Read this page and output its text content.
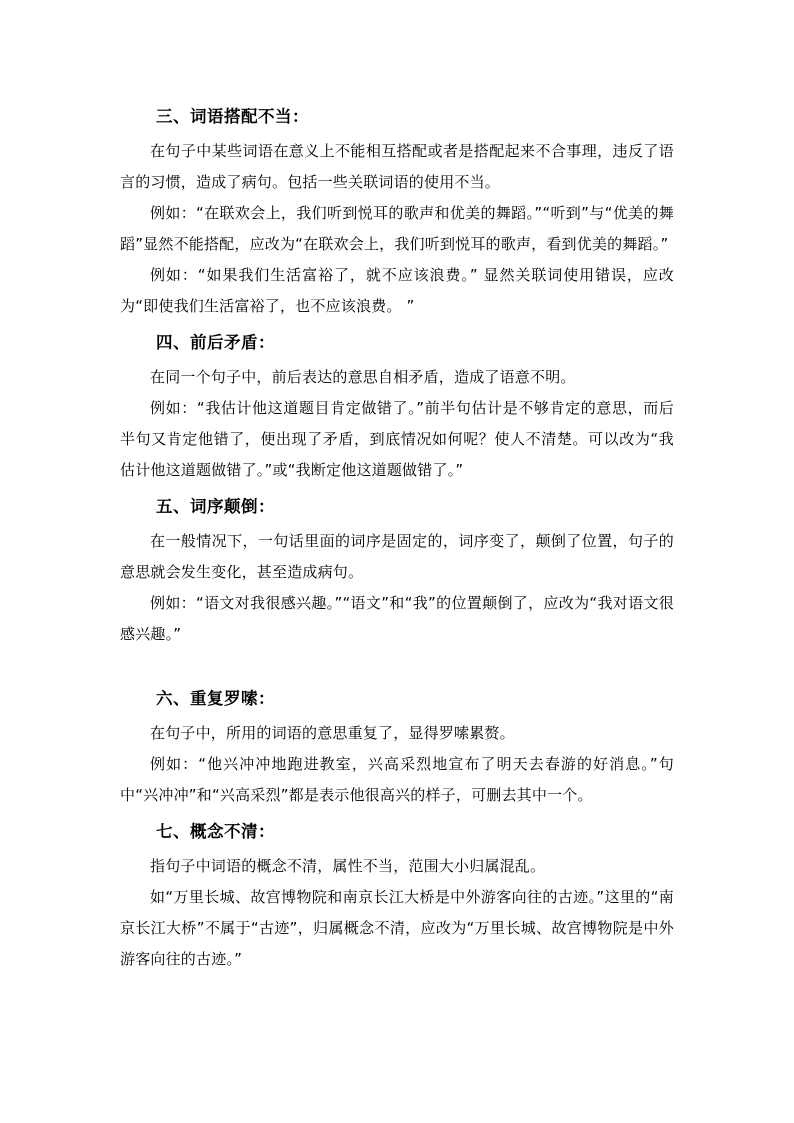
三、词语搭配不当：

在句子中某些词语在意义上不能相互搭配或者是搭配起来不合事理，违反了语言的习惯，造成了病句。包括一些关联词语的使用不当。

例如：“在联欢会上，我们听到悦耳的歌声和优美的舞蹈。”“听到”与“优美的舞蹈”显然不能搭配，应改为“在联欢会上，我们听到悦耳的歌声，看到优美的舞蹈。”

例如：“如果我们生活富裕了，就不应该浪费。” 显然关联词使用错误，应改为“即使我们生活富裕了，也不应该浪费。 ”

四、前后矛盾：

在同一个句子中，前后表达的意思自相矛盾，造成了语意不明。

例如：“我估计他这道题目肯定做错了。”前半句估计是不够肯定的意思，而后半句又肯定他错了，便出现了矛盾，到底情况如何呢？使人不清楚。可以改为“我估计他这道题做错了。”或“我断定他这道题做错了。”

五、词序颠倒：

在一般情况下，一句话里面的词序是固定的，词序变了，颠倒了位置，句子的意思就会发生变化，甚至造成病句。

例如：“语文对我很感兴趣。”“语文”和“我”的位置颠倒了，应改为“我对语文很感兴趣。”

六、重复罗嗦：

在句子中，所用的词语的意思重复了，显得罗嗦累赘。

例如：“他兴冲冲地跑进教室，兴高采烈地宣布了明天去春游的好消息。”句中“兴冲冲”和“兴高采烈”都是表示他很高兴的样子，可删去其中一个。

七、概念不清：

指句子中词语的概念不清，属性不当，范围大小归属混乱。

如“万里长城、故宫博物院和南京长江大桥是中外游客向往的古迹。”这里的“南京长江大桥”不属于“古迹”，归属概念不清，应改为“万里长城、故宫博物院是中外游客向往的古迹。”
